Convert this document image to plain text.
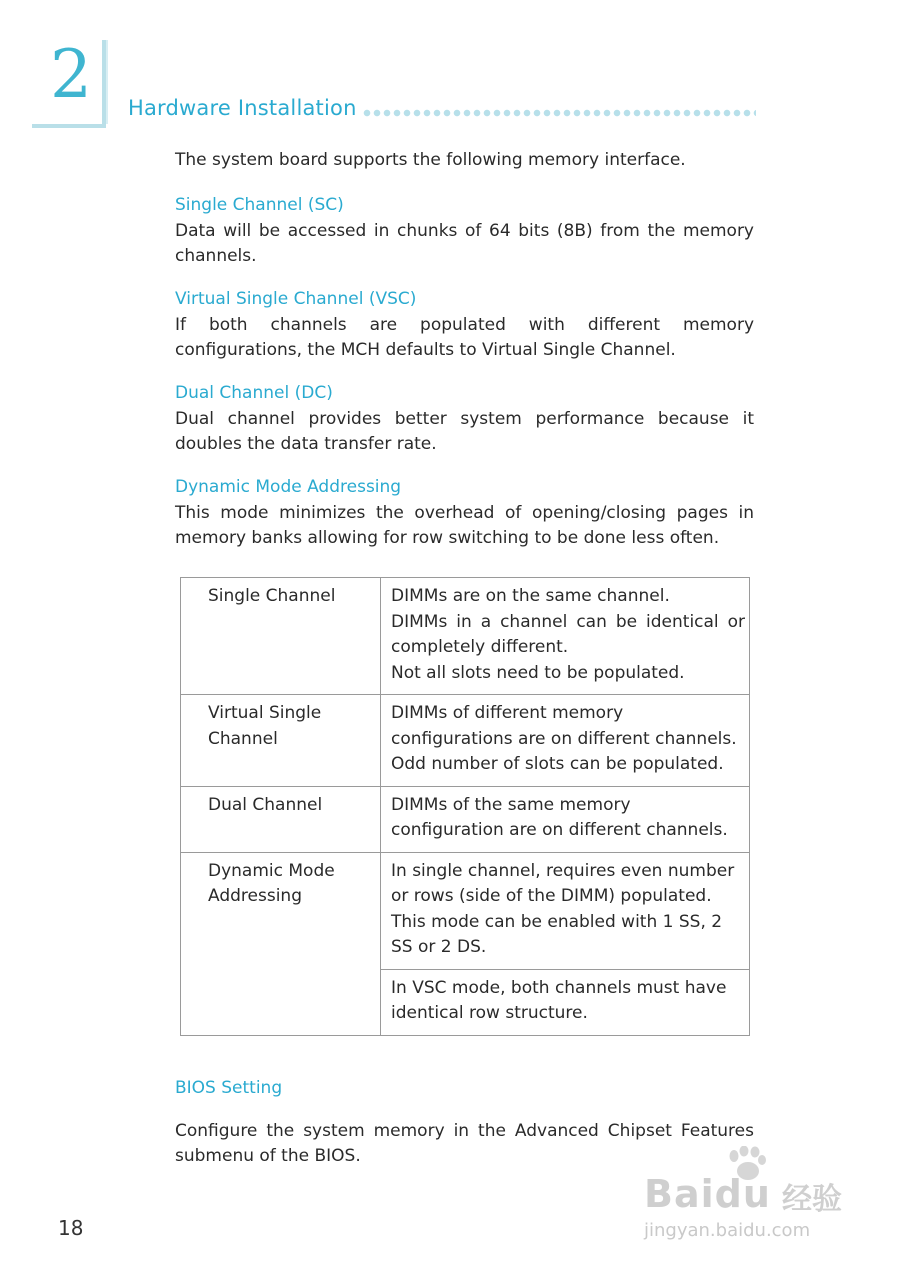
2 Hardware Installation

The system board supports the following memory interface.

Single Channel (SC)

Data will be accessed in chunks of 64 bits (8B) from the memory channels.

Virtual Single Channel (VSC)

If both channels are populated with different memory configurations, the MCH defaults to Virtual Single Channel.

Dual Channel (DC)

Dual channel provides better system performance because it doubles the data transfer rate.

Dynamic Mode Addressing

This mode minimizes the overhead of opening/closing pages in memory banks allowing for row switching to be done less often.

Single Channel	DIMMs are on the same channel.
DIMMs in a channel can be identical or completely different.
Not all slots need to be populated.

Virtual Single Channel	DIMMs of different memory configurations are on different channels.
Odd number of slots can be populated.

Dual Channel	DIMMs of the same memory configuration are on different channels.

Dynamic Mode Addressing	In single channel, requires even number or rows (side of the DIMM) populated. This mode can be enabled with 1 SS, 2 SS or 2 DS.

	In VSC mode, both channels must have identical row structure.
BIOS Setting

Configure the system memory in the Advanced Chipset Features submenu of the BIOS.

18
Baidu 经验
jingyan.baidu.com
